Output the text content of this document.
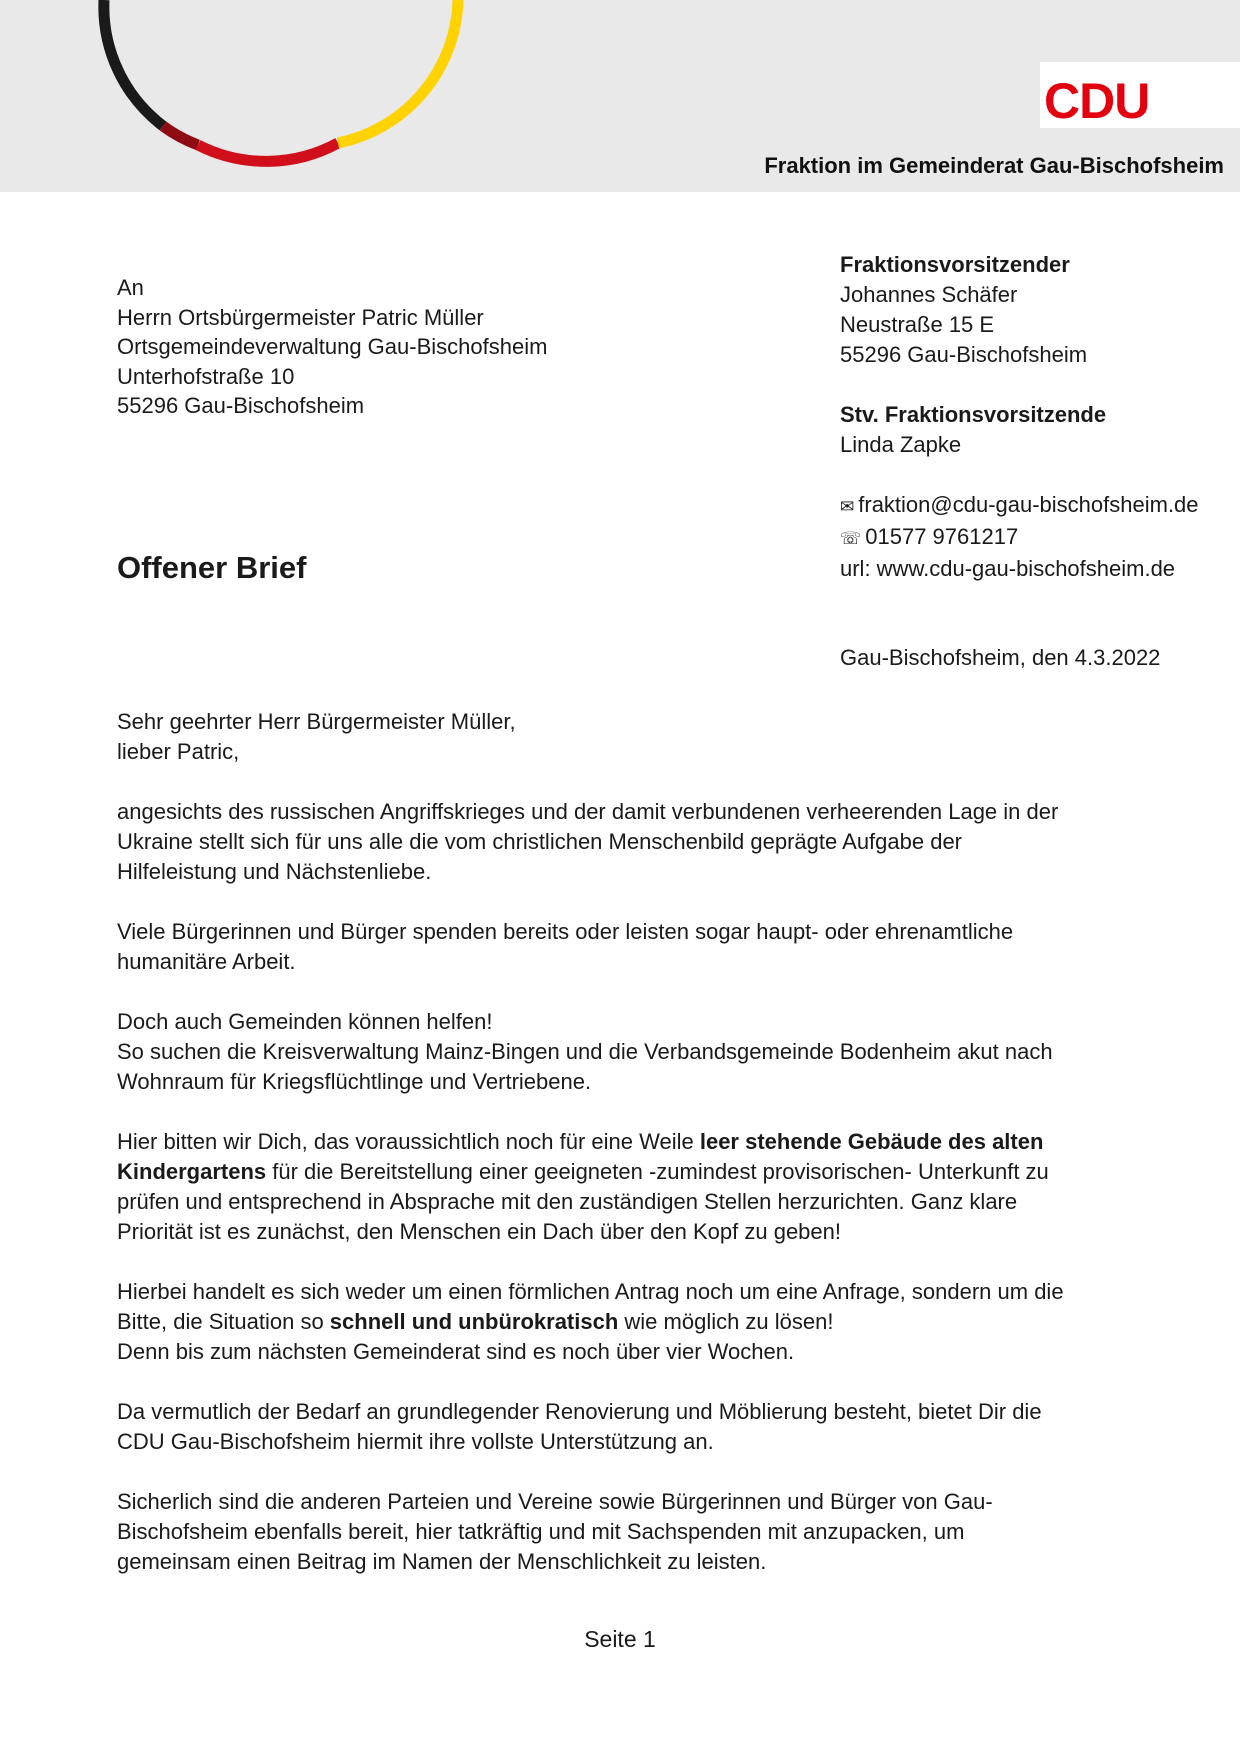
CDU
Fraktion im Gemeinderat Gau-Bischofsheim
An
Herrn Ortsbürgermeister Patric Müller
Ortsgemeindeverwaltung Gau-Bischofsheim
Unterhofstraße 10
55296 Gau-Bischofsheim
Fraktionsvorsitzender
Johannes Schäfer
Neustraße 15 E
55296 Gau-Bischofsheim
Stv. Fraktionsvorsitzende
Linda Zapke
✉ fraktion@cdu-gau-bischofsheim.de
☏ 01577 9761217
url: www.cdu-gau-bischofsheim.de
Offener Brief
Gau-Bischofsheim, den 4.3.2022

Sehr geehrter Herr Bürgermeister Müller,
lieber Patric,

angesichts des russischen Angriffskrieges und der damit verbundenen verheerenden Lage in der
Ukraine stellt sich für uns alle die vom christlichen Menschenbild geprägte Aufgabe der
Hilfeleistung und Nächstenliebe.

Viele Bürgerinnen und Bürger spenden bereits oder leisten sogar haupt- oder ehrenamtliche
humanitäre Arbeit.

Doch auch Gemeinden können helfen!
So suchen die Kreisverwaltung Mainz-Bingen und die Verbandsgemeinde Bodenheim akut nach
Wohnraum für Kriegsflüchtlinge und Vertriebene.

Hier bitten wir Dich, das voraussichtlich noch für eine Weile leer stehende Gebäude des alten
Kindergartens für die Bereitstellung einer geeigneten -zumindest provisorischen- Unterkunft zu
prüfen und entsprechend in Absprache mit den zuständigen Stellen herzurichten. Ganz klare
Priorität ist es zunächst, den Menschen ein Dach über den Kopf zu geben!

Hierbei handelt es sich weder um einen förmlichen Antrag noch um eine Anfrage, sondern um die
Bitte, die Situation so schnell und unbürokratisch wie möglich zu lösen!
Denn bis zum nächsten Gemeinderat sind es noch über vier Wochen.

Da vermutlich der Bedarf an grundlegender Renovierung und Möblierung besteht, bietet Dir die
CDU Gau-Bischofsheim hiermit ihre vollste Unterstützung an.

Sicherlich sind die anderen Parteien und Vereine sowie Bürgerinnen und Bürger von Gau-
Bischofsheim ebenfalls bereit, hier tatkräftig und mit Sachspenden mit anzupacken, um
gemeinsam einen Beitrag im Namen der Menschlichkeit zu leisten.

Seite 1
